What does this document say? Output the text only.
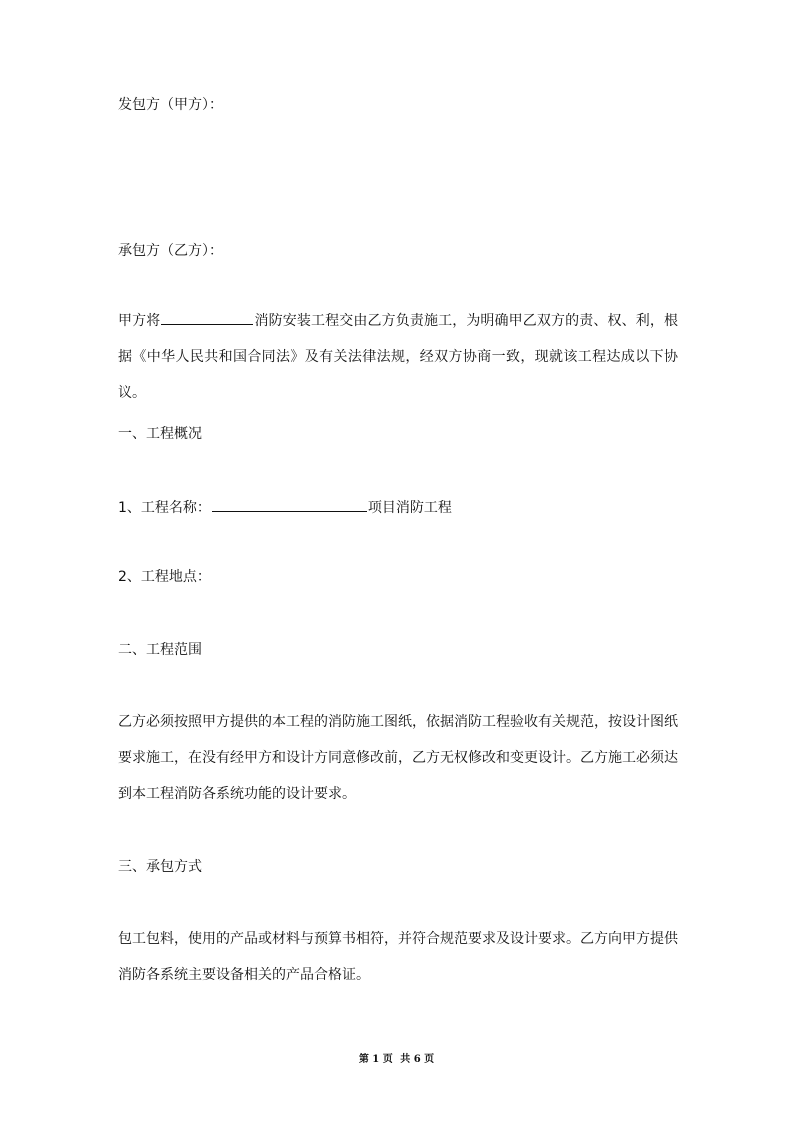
发包方（甲方）：
承包方（乙方）：
甲方将	消防安装工程交由乙方负责施工，为明确甲乙双方的责、权、利，根据《中华人民共和国合同法》及有关法律法规，经双方协商一致，现就该工程达成以下协议。
一、工程概况
1、工程名称：	项目消防工程
2、工程地点：
二、工程范围
乙方必须按照甲方提供的本工程的消防施工图纸，依据消防工程验收有关规范，按设计图纸要求施工，在没有经甲方和设计方同意修改前，乙方无权修改和变更设计。乙方施工必须达到本工程消防各系统功能的设计要求。
三、承包方式
包工包料，使用的产品或材料与预算书相符，并符合规范要求及设计要求。乙方向甲方提供消防各系统主要设备相关的产品合格证。
第 1 页 共 6 页
